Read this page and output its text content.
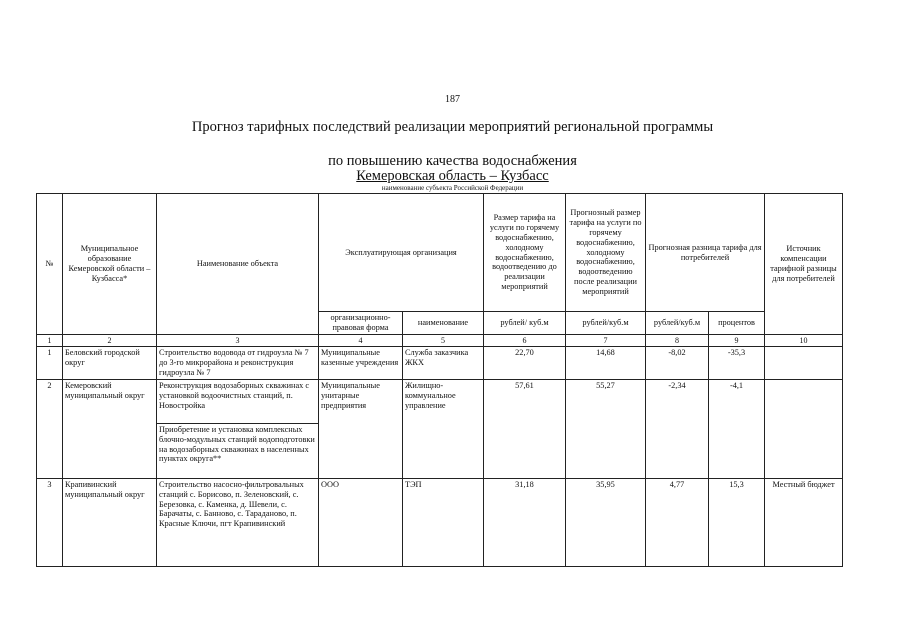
187
Прогноз тарифных последствий реализации мероприятий региональной программы
по повышению качества водоснабжения
Кемеровская область – Кузбасс
наименование субъекта Российской Федерации
№	Муниципальное образование Кемеровской области – Кузбасса*	Наименование объекта	Эксплуатирующая организация		Размер тарифа на услуги по горячему водоснабжению, холодному водоснабжению, водоотведению до реализации мероприятий	Прогнозный размер тарифа на услуги по горячему водоснабжению, холодному водоснабжению, водоотведению после реализации мероприятий	Прогнозная разница тарифа для потребителей		Источник компенсации тарифной разницы для потребителей
			организационно-правовая форма	наименование	рублей/ куб.м	рублей/куб.м	рублей/куб.м	процентов	
1	2	3	4	5	6	7	8	9	10
1	Беловский городской округ	Строительство водовода от гидроузла № 7 до 3-го микрорайона и реконструкция гидроузла № 7	Муниципальные казенные учреждения	Служба заказчика ЖКХ	22,70	14,68	-8,02	-35,3	
2	Кемеровский муниципальный округ	Реконструкция водозаборных скважинах с установкой водоочистных станций, п. Новостройка	Муниципальные унитарные предприятия	Жилищно-коммунальное управление	57,61	55,27	-2,34	-4,1	
		Приобретение и установка комплексных блочно-модульных станций водоподготовки на водозаборных скважинах в населенных пунктах округа**							
3	Крапивинский муниципальный округ	Строительство насосно-фильтровальных станций с. Борисово, п. Зеленовский, с. Березовка, с. Каменка, д. Шевели, с. Барачаты, с. Банново, с. Тараданово, п. Красные Ключи, пгт Крапивинский	ООО	ТЭП	31,18	35,95	4,77	15,3	Местный бюджет
